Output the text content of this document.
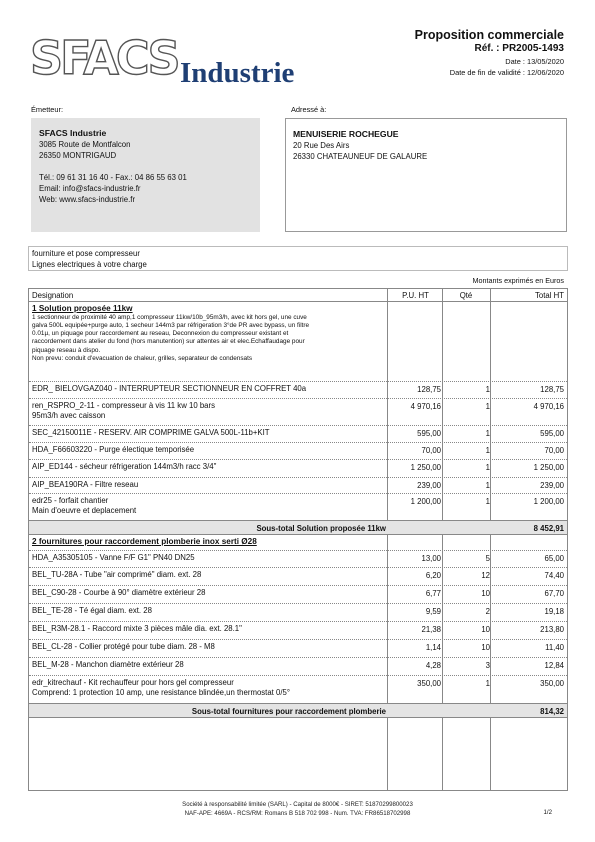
SFACS Industrie
Proposition commerciale
Réf. : PR2005-1493
Date : 13/05/2020
Date de fin de validité : 12/06/2020
Émetteur:	Adressé à:
SFACS Industrie
3085 Route de Montfalcon
26350 MONTRIGAUD
Tél.: 09 61 31 16 40 - Fax.: 04 86 55 63 01
Email: info@sfacs-industrie.fr
Web: www.sfacs-industrie.fr
MENUISERIE ROCHEGUE
20 Rue Des Airs
26330 CHATEAUNEUF DE GALAURE
fourniture et pose compresseur
Lignes electriques à votre charge
Montants exprimés en Euros
Designation	P.U. HT	Qté	Total HT
1 Solution proposée 11kw
1 sectionneur de proximité 40 amp,1 compresseur 11kw/10b_95m3/h, avec kit hors gel, une cuve
galva 500L equipée+purge auto, 1 secheur 144m3 par réfrigeration 3°de PR avec bypass, un filtre
0.01µ, un piquage pour raccordement au reseau, Deconnexion du compresseur existant et
raccordement dans atelier du fond (hors manutention) sur attentes air et elec.Echaffaudage pour
piquage reseau à dispo.
Non prevu: conduit d'evacuation de chaleur, grilles, separateur de condensats
EDR_ BIELOVGAZ040 - INTERRUPTEUR SECTIONNEUR EN COFFRET 40a	128,75	1	128,75
ren_RSPRO_2-11 - compresseur à vis 11 kw 10 bars
95m3/h avec caisson
4 970,16	1	4 970,16
SEC_42150011E - RESERV. AIR COMPRIME GALVA 500L-11b+KIT	595,00	1	595,00
HDA_F66603220 - Purge électique temporisée	70,00	1	70,00
AIP_ED144 - sécheur réfrigeration 144m3/h racc 3/4"	1 250,00	1	1 250,00
AIP_BEA190RA - Filtre reseau	239,00	1	239,00
edr25 - forfait chantier
Main d'oeuvre et deplacement
1 200,00	1	1 200,00
Sous-total Solution proposée 11kw	8 452,91
2 fournitures pour raccordement plomberie inox serti Ø28
HDA_A35305105 - Vanne F/F G1" PN40 DN25	13,00	5	65,00
BEL_TU-28A - Tube "air comprimé" diam. ext. 28	6,20	12	74,40
BEL_C90-28 - Courbe à 90° diamètre extérieur 28	6,77	10	67,70
BEL_TE-28 - Té égal diam. ext. 28	9,59	2	19,18
BEL_R3M-28.1 - Raccord mixte 3 pièces mâle dia. ext. 28.1"	21,38	10	213,80
BEL_CL-28 - Collier protégé pour tube diam. 28 - M8	1,14	10	11,40
BEL_M-28 - Manchon diamètre extérieur 28	4,28	3	12,84
edr_kitrechauf - Kit rechauffeur pour hors gel compresseur
Comprend: 1 protection 10 amp, une resistance blindée,un thermostat 0/5°
350,00	1	350,00
Sous-total fournitures pour raccordement plomberie	814,32
Société à responsabilité limitée (SARL) - Capital de 8000€ - SIRET: 51870299800023
NAF-APE: 4669A - RCS/RM: Romans B 518 702 998 - Num. TVA: FR86518702998	1/2
